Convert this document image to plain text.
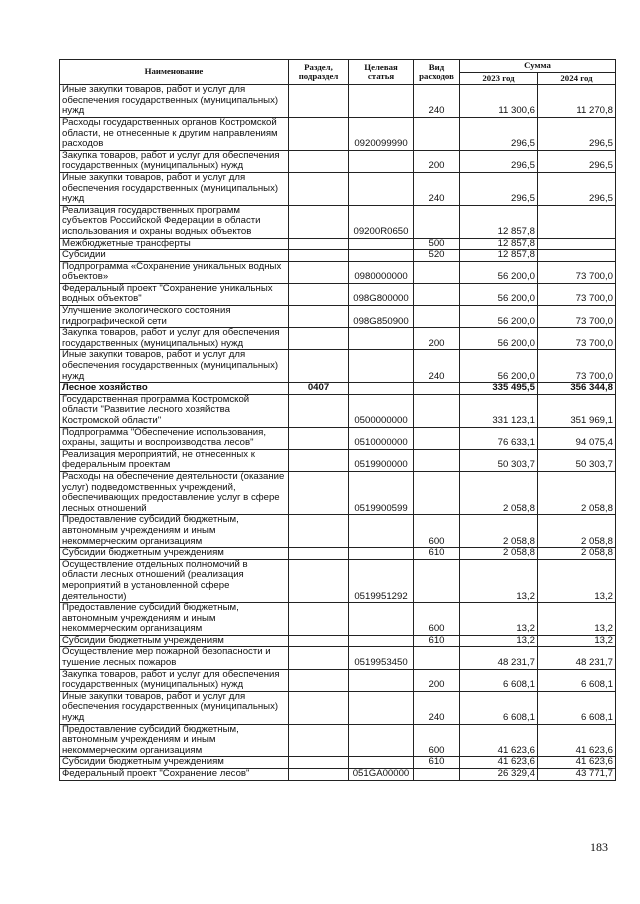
Наименование	Раздел, подраздел	Целевая статья	Вид расходов	Сумма	
				2023 год	2024 год
Иные закупки товаров, работ и услуг для обеспечения государственных (муниципальных) нужд			240	11 300,6	11 270,8
Расходы государственных органов Костромской области, не отнесенные к другим направлениям расходов		0920099990		296,5	296,5
Закупка товаров, работ и услуг для обеспечения государственных (муниципальных) нужд			200	296,5	296,5
Иные закупки товаров, работ и услуг для обеспечения государственных (муниципальных) нужд			240	296,5	296,5
Реализация государственных программ субъектов Российской Федерации в области использования и охраны водных объектов		09200R0650		12 857,8	
Межбюджетные трансферты			500	12 857,8	
Субсидии			520	12 857,8	
Подпрограмма «Сохранение уникальных водных объектов»		0980000000		56 200,0	73 700,0
Федеральный проект "Сохранение уникальных водных объектов"		098G800000		56 200,0	73 700,0
Улучшение экологического состояния гидрографической сети		098G850900		56 200,0	73 700,0
Закупка товаров, работ и услуг для обеспечения государственных (муниципальных) нужд			200	56 200,0	73 700,0
Иные закупки товаров, работ и услуг для обеспечения государственных (муниципальных) нужд			240	56 200,0	73 700,0
Лесное хозяйство	0407			335 495,5	356 344,8
Государственная программа Костромской области "Развитие лесного хозяйства Костромской области"		0500000000		331 123,1	351 969,1
Подпрограмма "Обеспечение использования, охраны, защиты и воспроизводства лесов"		0510000000		76 633,1	94 075,4
Реализация мероприятий, не отнесенных к федеральным проектам		0519900000		50 303,7	50 303,7
Расходы на обеспечение деятельности (оказание услуг) подведомственных учреждений, обеспечивающих предоставление услуг в сфере лесных отношений		0519900599		2 058,8	2 058,8
Предоставление субсидий бюджетным, автономным учреждениям и иным некоммерческим организациям			600	2 058,8	2 058,8
Субсидии бюджетным учреждениям			610	2 058,8	2 058,8
Осуществление отдельных полномочий в области лесных отношений (реализация мероприятий в установленной сфере деятельности)		0519951292		13,2	13,2
Предоставление субсидий бюджетным, автономным учреждениям и иным некоммерческим организациям			600	13,2	13,2
Субсидии бюджетным учреждениям			610	13,2	13,2
Осуществление мер пожарной безопасности и тушение лесных пожаров		0519953450		48 231,7	48 231,7
Закупка товаров, работ и услуг для обеспечения государственных (муниципальных) нужд			200	6 608,1	6 608,1
Иные закупки товаров, работ и услуг для обеспечения государственных (муниципальных) нужд			240	6 608,1	6 608,1
Предоставление субсидий бюджетным, автономным учреждениям и иным некоммерческим организациям			600	41 623,6	41 623,6
Субсидии бюджетным учреждениям			610	41 623,6	41 623,6
Федеральный проект "Сохранение лесов"		051GA00000		26 329,4	43 771,7
183
